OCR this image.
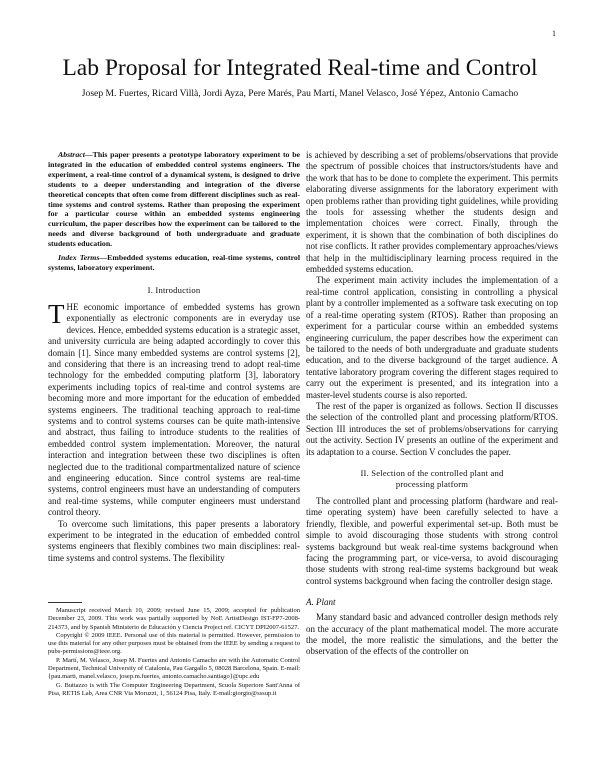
1
Lab Proposal for Integrated Real-time and Control
Josep M. Fuertes, Ricard Villà, Jordi Ayza, Pere Marés, Pau Martí, Manel Velasco, José Yépez, Antonio Camacho

Abstract—This paper presents a prototype laboratory experiment to be integrated in the education of embedded control systems engineers. The experiment, a real-time control of a dynamical system, is designed to drive students to a deeper understanding and integration of the diverse theoretical concepts that often come from different disciplines such as real-time systems and control systems. Rather than proposing the experiment for a particular course within an embedded systems engineering curriculum, the paper describes how the experiment can be tailored to the needs and diverse background of both undergraduate and graduate students education.

Index Terms—Embedded systems education, real-time systems, control systems, laboratory experiment.

I. Introduction

THE economic importance of embedded systems has grown exponentially as electronic components are in everyday use devices. Hence, embedded systems education is a strategic asset, and university curricula are being adapted accordingly to cover this domain [1]. Since many embedded systems are control systems [2], and considering that there is an increasing trend to adopt real-time technology for the embedded computing platform [3], laboratory experiments including topics of real-time and control systems are becoming more and more important for the education of embedded systems engineers. The traditional teaching approach to real-time systems and to control systems courses can be quite math-intensive and abstract, thus failing to introduce students to the realities of embedded control system implementation. Moreover, the natural interaction and integration between these two disciplines is often neglected due to the traditional compartmentalized nature of science and engineering education. Since control systems are real-time systems, control engineers must have an understanding of computers and real-time systems, while computer engineers must understand control theory.

To overcome such limitations, this paper presents a laboratory experiment to be integrated in the education of embedded control systems engineers that flexibly combines two main disciplines: real-time systems and control systems. The flexibility

Manuscript received March 10, 2009; revised June 15, 2009; accepted for publication December 23, 2009. This work was partially supported by NoE ArtistDesign IST-FP7-2008-214373, and by Spanish Ministerio de Educación y Ciencia Project ref. CICYT DPI2007-61527.

Copyright © 2009 IEEE. Personal use of this material is permitted. However, permission to use this material for any other purposes must be obtained from the IEEE by sending a request to pubs-permissions@ieee.org.

P. Martí, M. Velasco, Josep M. Fuertes and Antonio Camacho are with the Automatic Control Department, Technical University of Catalonia, Pau Gargallo 5, 08028 Barcelona, Spain. E-mail: {pau.marti, manel.velasco, josep.m.fuertes, antonio.camacho.santiago}@upc.edu

G. Buttazzo is with The Computer Engineering Department, Scuola Superiore Sant'Anna of Pisa, RETIS Lab, Area CNR Via Moruzzi, 1, 56124 Pisa, Italy. E-mail:giorgio@sssup.it

is achieved by describing a set of problems/observations that provide the spectrum of possible choices that instructors/students have and the work that has to be done to complete the experiment. This permits elaborating diverse assignments for the laboratory experiment with open problems rather than providing tight guidelines, while providing the tools for assessing whether the students design and implementation choices were correct. Finally, through the experiment, it is shown that the combination of both disciplines do not rise conflicts. It rather provides complementary approaches/views that help in the multidisciplinary learning process required in the embedded systems education.

The experiment main activity includes the implementation of a real-time control application, consisting in controlling a physical plant by a controller implemented as a software task executing on top of a real-time operating system (RTOS). Rather than proposing an experiment for a particular course within an embedded systems engineering curriculum, the paper describes how the experiment can be tailored to the needs of both undergraduate and graduate students education, and to the diverse background of the target audience. A tentative laboratory program covering the different stages required to carry out the experiment is presented, and its integration into a master-level students course is also reported.

The rest of the paper is organized as follows. Section II discusses the selection of the controlled plant and processing platform/RTOS. Section III introduces the set of problems/observations for carrying out the activity. Section IV presents an outline of the experiment and its adaptation to a course. Section V concludes the paper.

II. Selection of the controlled plant and
processing platform

The controlled plant and processing platform (hardware and real-time operating system) have been carefully selected to have a friendly, flexible, and powerful experimental set-up. Both must be simple to avoid discouraging those students with strong control systems background but weak real-time systems background when facing the programming part, or vice-versa, to avoid discouraging those students with strong real-time systems background but weak control systems background when facing the controller design stage.

A. Plant

Many standard basic and advanced controller design methods rely on the accuracy of the plant mathematical model. The more accurate the model, the more realistic the simulations, and the better the observation of the effects of the controller on
